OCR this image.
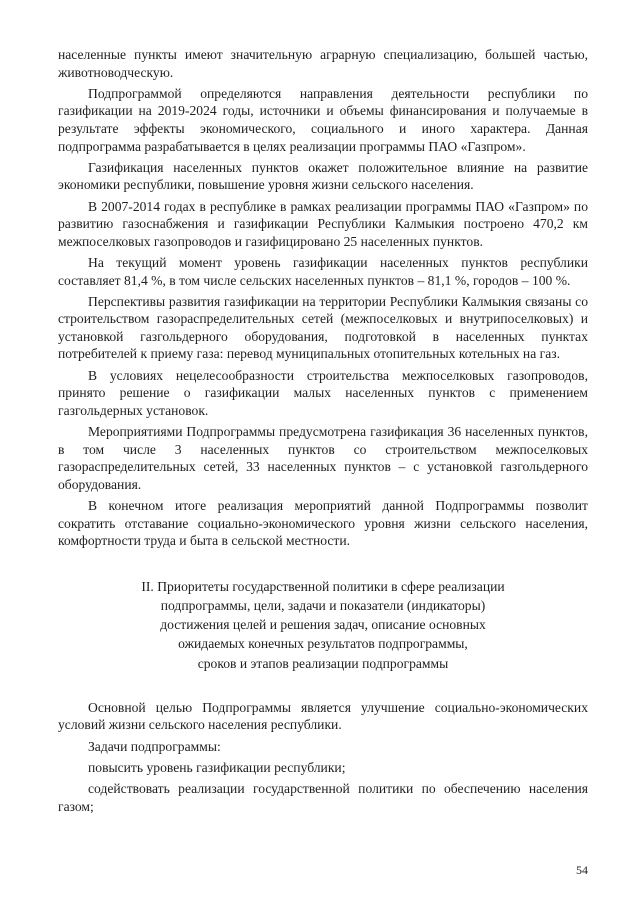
населенные пункты имеют значительную аграрную специализацию, большей частью, животноводческую.

Подпрограммой определяются направления деятельности республики по газификации на 2019-2024 годы, источники и объемы финансирования и получаемые в результате эффекты экономического, социального и иного характера. Данная подпрограмма разрабатывается в целях реализации программы ПАО «Газпром».

Газификация населенных пунктов окажет положительное влияние на развитие экономики республики, повышение уровня жизни сельского населения.

В 2007-2014 годах в республике в рамках реализации программы ПАО «Газпром» по развитию газоснабжения и газификации Республики Калмыкия построено 470,2 км межпоселковых газопроводов и газифицировано 25 населенных пунктов.

На текущий момент уровень газификации населенных пунктов республики составляет 81,4 %, в том числе сельских населенных пунктов – 81,1 %, городов – 100 %.

Перспективы развития газификации на территории Республики Калмыкия связаны со строительством газораспределительных сетей (межпоселковых и внутрипоселковых) и установкой газгольдерного оборудования, подготовкой в населенных пунктах потребителей к приему газа: перевод муниципальных отопительных котельных на газ.

В условиях нецелесообразности строительства межпоселковых газопроводов, принято решение о газификации малых населенных пунктов с применением газгольдерных установок.

Мероприятиями Подпрограммы предусмотрена газификация 36 населенных пунктов, в том числе 3 населенных пунктов со строительством межпоселковых газораспределительных сетей, 33 населенных пунктов – с установкой газгольдерного оборудования.

В конечном итоге реализация мероприятий данной Подпрограммы позволит сократить отставание социально-экономического уровня жизни сельского населения, комфортности труда и быта в сельской местности.

II. Приоритеты государственной политики в сфере реализации
подпрограммы, цели, задачи и показатели (индикаторы)
достижения целей и решения задач, описание основных
ожидаемых конечных результатов подпрограммы,
сроков и этапов реализации подпрограммы

Основной целью Подпрограммы является улучшение социально-экономических условий жизни сельского населения республики.

Задачи подпрограммы:

повысить уровень газификации республики;

содействовать реализации государственной политики по обеспечению населения газом;

54
